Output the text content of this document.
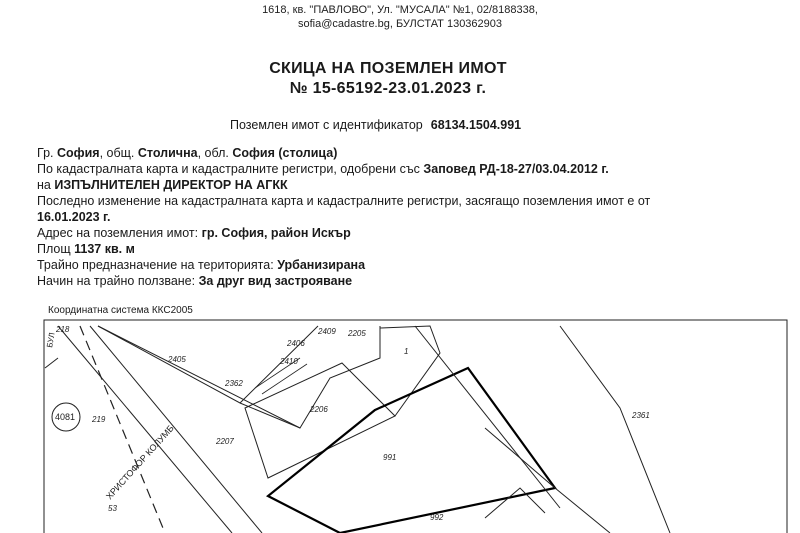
1618, кв. "ПАВЛОВО", Ул. "МУСАЛА" №1, 02/8188338,
sofia@cadastre.bg, БУЛСТАТ 130362903
СКИЦА НА ПОЗЕМЛЕН ИМОТ
№ 15-65192-23.01.2023 г.
Поземлен имот с идентификатор 68134.1504.991
Гр. София, общ. Столична, обл. София (столица)
По кадастралната карта и кадастралните регистри, одобрени със Заповед РД-18-27/03.04.2012 г.
на ИЗПЪЛНИТЕЛЕН ДИРЕКТОР НА АГКК
Последно изменение на кадастралната карта и кадастралните регистри, засягащо поземления имот е от
16.01.2023 г.
Адрес на поземления имот: гр. София, район Искър
Площ 1137 кв. м
Трайно предназначение на територията: Урбанизирана
Начин на трайно ползване: За друг вид застрояване
Координатна система ККС2005
218
2405
2406
2409 2205
1
2410
2362
2206
2361
4081 219
2207
991
992
53
ХРИСТОФОР КОЛУМБ
БУЛ
